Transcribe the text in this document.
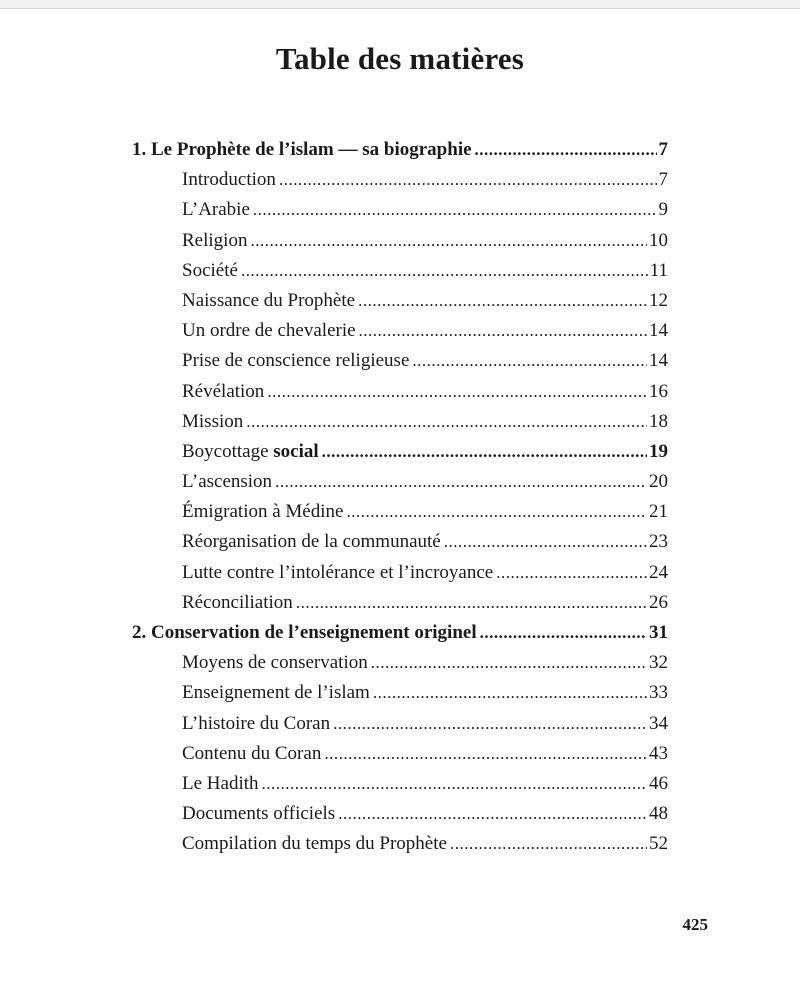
Table des matières
1. Le Prophète de l’islam — sa biographie .....	7
Introduction .....	7
L’Arabie .....	9
Religion .....	10
Société .....	11
Naissance du Prophète .....	12
Un ordre de chevalerie .....	14
Prise de conscience religieuse .....	14
Révélation .....	16
Mission .....	18
Boycottage social .....	19
L’ascension .....	20
Émigration à Médine .....	21
Réorganisation de la communauté .....	23
Lutte contre l’intolérance et l’incroyance .....	24
Réconciliation .....	26
2. Conservation de l’enseignement originel .....	31
Moyens de conservation .....	32
Enseignement de l’islam .....	33
L’histoire du Coran .....	34
Contenu du Coran .....	43
Le Hadith .....	46
Documents officiels .....	48
Compilation du temps du Prophète .....	52
425
